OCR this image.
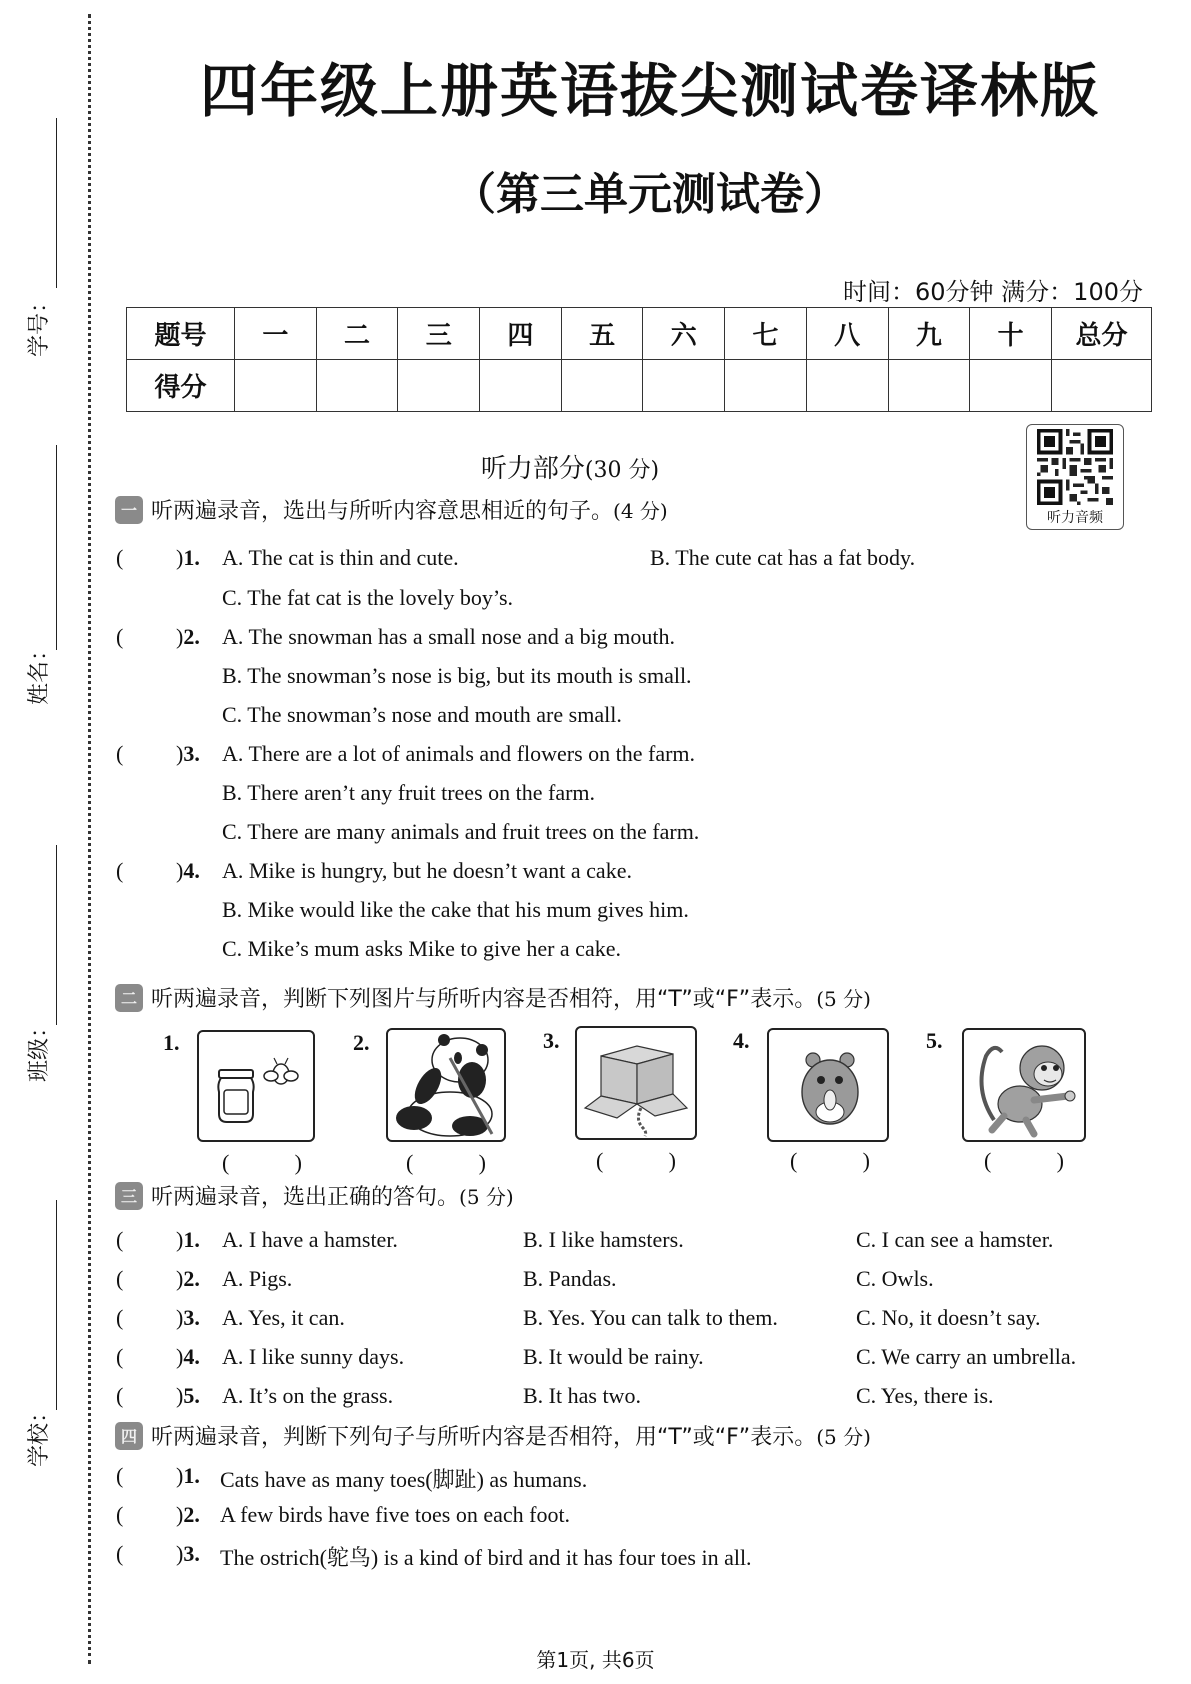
学号：
姓名：
班级：
学校：
四年级上册英语拔尖测试卷译林版
（第三单元测试卷）
时间：60分钟 满分：100分
题号	一	二	三	四	五	六	七	八	九	十	总分
得分											
听力部分(30 分)
听力音频
一 听两遍录音，选出与所听内容意思相近的句子。 (4 分)
( )1. A. The cat is thin and cute.	B. The cute cat has a fat body.
C. The fat cat is the lovely boy’s.
( )2. A. The snowman has a small nose and a big mouth.
B. The snowman’s nose is big, but its mouth is small.
C. The snowman’s nose and mouth are small.
( )3. A. There are a lot of animals and flowers on the farm.
B. There aren’t any fruit trees on the farm.
C. There are many animals and fruit trees on the farm.
( )4. A. Mike is hungry, but he doesn’t want a cake.
B. Mike would like the cake that his mum gives him.
C. Mike’s mum asks Mike to give her a cake.
二 听两遍录音，判断下列图片与所听内容是否相符，用“T”或“F”表示。 (5 分)
1.
(	)
2.
(	)
3.
(	)
4.
(	)
5.
(	)
三 听两遍录音，选出正确的答句。 (5 分)
( )1. A. I have a hamster.	B. I like hamsters.	C. I can see a hamster.
( )2. A. Pigs.	B. Pandas.	C. Owls.
( )3. A. Yes, it can.	B. Yes. You can talk to them.	C. No, it doesn’t say.
( )4. A. I like sunny days.	B. It would be rainy.	C. We carry an umbrella.
( )5. A. It’s on the grass.	B. It has two.	C. Yes, there is.
四 听两遍录音，判断下列句子与所听内容是否相符，用“T”或“F”表示。 (5 分)
( )1. Cats have as many toes(脚趾) as humans.
( )2. A few birds have five toes on each foot.
( )3. The ostrich(鸵鸟) is a kind of bird and it has four toes in all.
第1页, 共6页
